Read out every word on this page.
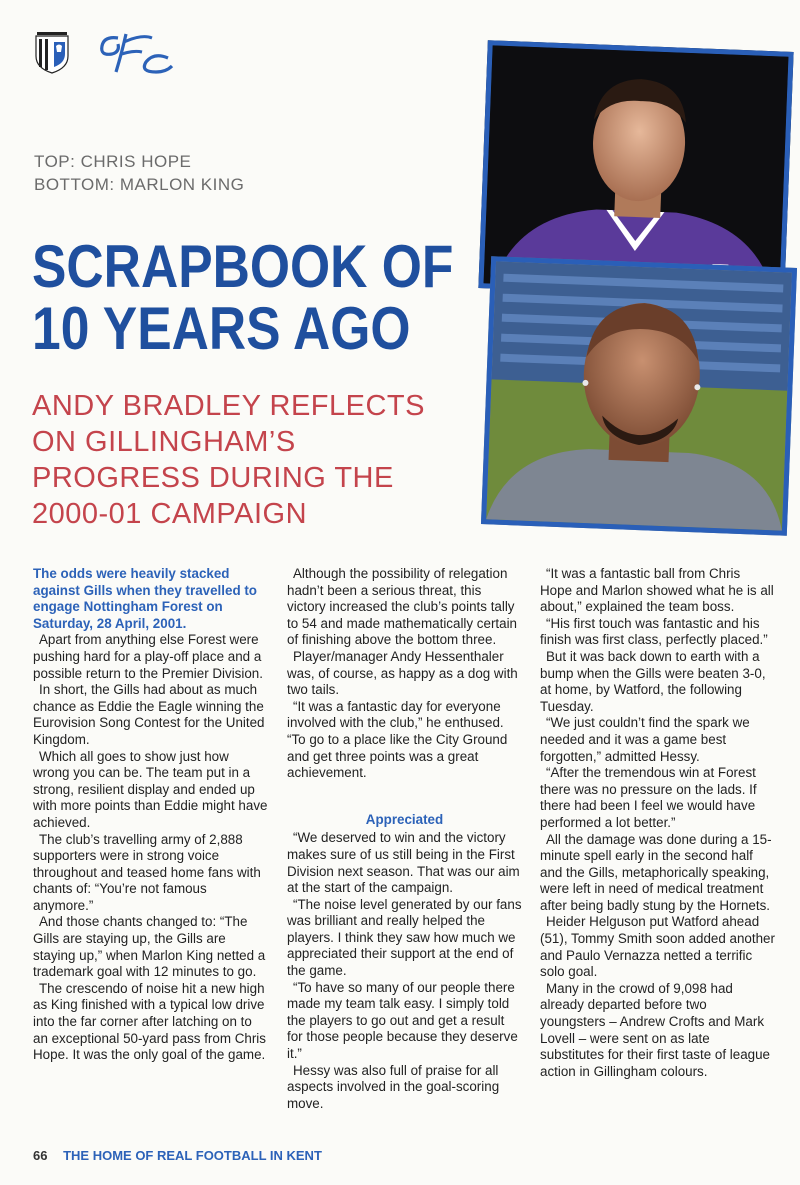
TOP: CHRIS HOPE
BOTTOM: MARLON KING
SCRAPBOOK OF
10 YEARS AGO
ANDY BRADLEY REFLECTS
ON GILLINGHAM’S
PROGRESS DURING THE
2000-01 CAMPAIGN

The odds were heavily stacked against Gills when they travelled to engage Nottingham Forest on Saturday, 28 April, 2001.

Apart from anything else Forest were pushing hard for a play-off place and a possible return to the Premier Division.

In short, the Gills had about as much chance as Eddie the Eagle winning the Eurovision Song Contest for the United Kingdom.

Which all goes to show just how wrong you can be. The team put in a strong, resilient display and ended up with more points than Eddie might have achieved.

The club’s travelling army of 2,888 supporters were in strong voice throughout and teased home fans with chants of: “You’re not famous anymore.”

And those chants changed to: “The Gills are staying up, the Gills are staying up,” when Marlon King netted a trademark goal with 12 minutes to go.

The crescendo of noise hit a new high as King finished with a typical low drive into the far corner after latching on to an exceptional 50-yard pass from Chris Hope. It was the only goal of the game.

Although the possibility of relegation hadn’t been a serious threat, this victory increased the club’s points tally to 54 and made mathematically certain of finishing above the bottom three.

Player/manager Andy Hessenthaler was, of course, as happy as a dog with two tails.

“It was a fantastic day for everyone involved with the club,” he enthused. “To go to a place like the City Ground and get three points was a great achievement.

Appreciated

“We deserved to win and the victory makes sure of us still being in the First Division next season. That was our aim at the start of the campaign.

“The noise level generated by our fans was brilliant and really helped the players. I think they saw how much we appreciated their support at the end of the game.

“To have so many of our people there made my team talk easy. I simply told the players to go out and get a result for those people because they deserve it.”

Hessy was also full of praise for all aspects involved in the goal-scoring move.

“It was a fantastic ball from Chris Hope and Marlon showed what he is all about,” explained the team boss.

“His first touch was fantastic and his finish was first class, perfectly placed.”

But it was back down to earth with a bump when the Gills were beaten 3-0, at home, by Watford, the following Tuesday.

“We just couldn’t find the spark we needed and it was a game best forgotten,” admitted Hessy.

“After the tremendous win at Forest there was no pressure on the lads. If there had been I feel we would have performed a lot better.”

All the damage was done during a 15-minute spell early in the second half and the Gills, metaphorically speaking, were left in need of medical treatment after being badly stung by the Hornets.

Heider Helguson put Watford ahead (51), Tommy Smith soon added another and Paulo Vernazza netted a terrific solo goal.

Many in the crowd of 9,098 had already departed before two youngsters – Andrew Crofts and Mark Lovell – were sent on as late substitutes for their first taste of league action in Gillingham colours.

66 THE HOME OF REAL FOOTBALL IN KENT
